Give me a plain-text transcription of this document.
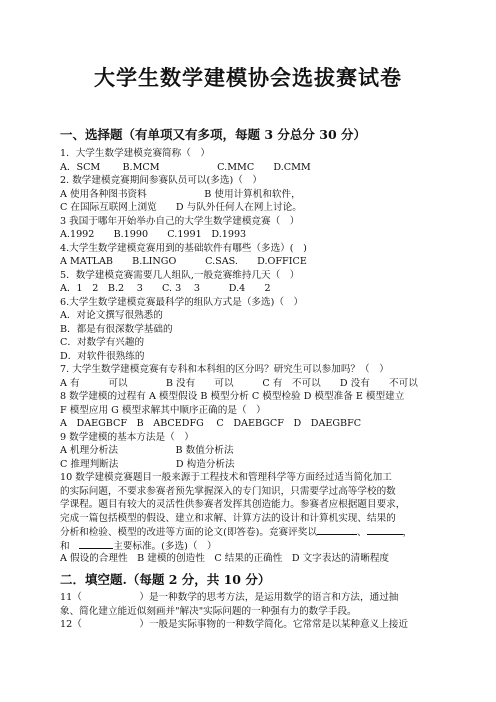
大学生数学建模协会选拔赛试卷
一、选择题（有单项又有多项，每题 3 分总分 30 分）
1．大学生数学建模竞赛简称（　）
A．SCM　　 B.MCM　　　　　　C.MMC　　D.CMM
2. 数学建模竞赛期间参赛队员可以(多选)（　）
A 使用各种图书资料　　　　　　B 使用计算机和软件，
C 在国际互联网上浏览　　D 与队外任何人在网上讨论。
3 我国于哪年开始举办自己的大学生数学建模竞赛（　）
A.1992　　B.1990　　C.1991　D.1993
4.大学生数学建模竞赛用到的基础软件有哪些（多选）(　)
A MATLAB　　B.LINGO　　　C.SAS.　　D.OFFICE
5．数学建模竞赛需要几人组队,一般竞赛维持几天（　）
A．1　2　B.2　 3　　C. 3　 3　　　D.4　　2
6.大学生数学建模竞赛最科学的组队方式是（多选)（　）
A．对论文撰写很熟悉的
B．都是有很深数学基础的
C．对数学有兴趣的
D．对软件很熟练的
7. 大学生数学建模竞赛有专科和本科组的区分吗？研究生可以参加吗？（　）
A 有　　　可以　　　　B 没有　　可以　　　C 有　不可以　　D 没有　　不可以
8 数学建模的过程有 A 模型假设 B 模型分析 C 模型检验 D 模型准备 E 模型建立
F 模型应用 G 模型求解其中顺序正确的是（　）
A　DAEGBCF　B　ABCEDFG　 C　DAEBGCF　D　DAEGBFC
9 数学建模的基本方法是（　）
A 机理分析法　　　　　　B 数值分析法
C 推理判断法　　　　　　D 构造分析法
10 数学建模竞赛题目一般来源于工程技术和管理科学等方面经过适当简化加工
的实际问题，不要求参赛者预先掌握深入的专门知识，只需要学过高等学校的数
学课程。题目有较大的灵活性供参赛者发挥其创造能力。参赛者应根据题目要求，
完成一篇包括模型的假设、建立和求解、计算方法的设计和计算机实现、结果的
分析和检验、模型的改进等方面的论文(即答卷)。竞赛评奖以	、	，
和　	主要标准。(多选)（　）
A 假设的合理性　B 建模的创造性　C 结果的正确性　D 文字表达的清晰程度
二．填空题.（每题 2 分，共 10 分）
11（　　　　　　）是一种数学的思考方法，是运用数学的语言和方法，通过抽
象、简化建立能近似刻画并"解决"实际问题的一种强有力的数学手段。
12（　　　　　　）一般是实际事物的一种数学简化。它常常是以某种意义上接近
